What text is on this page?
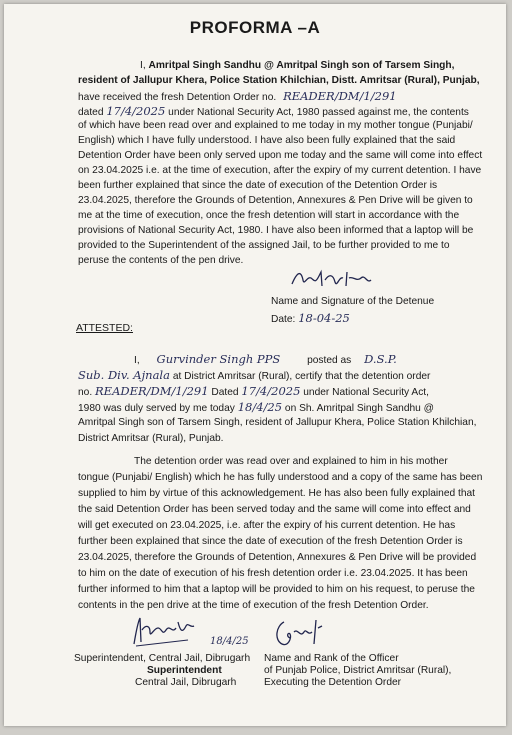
PROFORMA –A
I, Amritpal Singh Sandhu @ Amritpal Singh son of Tarsem Singh,
resident of Jallupur Khera, Police Station Khilchian, Distt. Amritsar (Rural), Punjab,
have received the fresh Detention Order no. READER/DM/1/291
dated 17/4/2025 under National Security Act, 1980 passed against me, the contents
of which have been read over and explained to me today in my mother tongue (Punjabi/
English) which I have fully understood. I have also been fully explained that the said
Detention Order have been only served upon me today and the same will come into effect
on 23.04.2025 i.e. at the time of execution, after the expiry of my current detention. I have
been further explained that since the date of execution of the Detention Order is
23.04.2025, therefore the Grounds of Detention, Annexures & Pen Drive will be given to
me at the time of execution, once the fresh detention will start in accordance with the
provisions of National Security Act, 1980. I have also been informed that a laptop will be
provided to the Superintendent of the assigned Jail, to be further provided to me to
peruse the contents of the pen drive.
Name and Signature of the Detenue
Date: 18-04-25
ATTESTED:
I, Gurvinder Singh PPS	posted as D.S.P.
Sub. Div. Ajnala at District Amritsar (Rural), certify that the detention order
no. READER/DM/1/291 Dated 17/4/2025 under National Security Act,
1980 was duly served by me today 18/4/25 on Sh. Amritpal Singh Sandhu @
Amritpal Singh son of Tarsem Singh, resident of Jallupur Khera, Police Station Khilchian,
District Amritsar (Rural), Punjab.
The detention order was read over and explained to him in his mother
tongue (Punjabi/ English) which he has fully understood and a copy of the same has been
supplied to him by virtue of this acknowledgement. He has also been fully explained that
the said Detention Order has been served today and the same will come into effect and
will get executed on 23.04.2025, i.e. after the expiry of his current detention. He has
further been explained that since the date of execution of the fresh Detention Order is
23.04.2025, therefore the Grounds of Detention, Annexures & Pen Drive will be provided
to him on the date of execution of his fresh detention order i.e. 23.04.2025. It has been
further informed to him that a laptop will be provided to him on his request, to peruse the
contents in the pen drive at the time of execution of the fresh Detention Order.
18/4/25
Superintendent, Central Jail, Dibrugarh
Superintendent
Central Jail, Dibrugarh
Name and Rank of the Officer
of Punjab Police, District Amritsar (Rural),
Executing the Detention Order
